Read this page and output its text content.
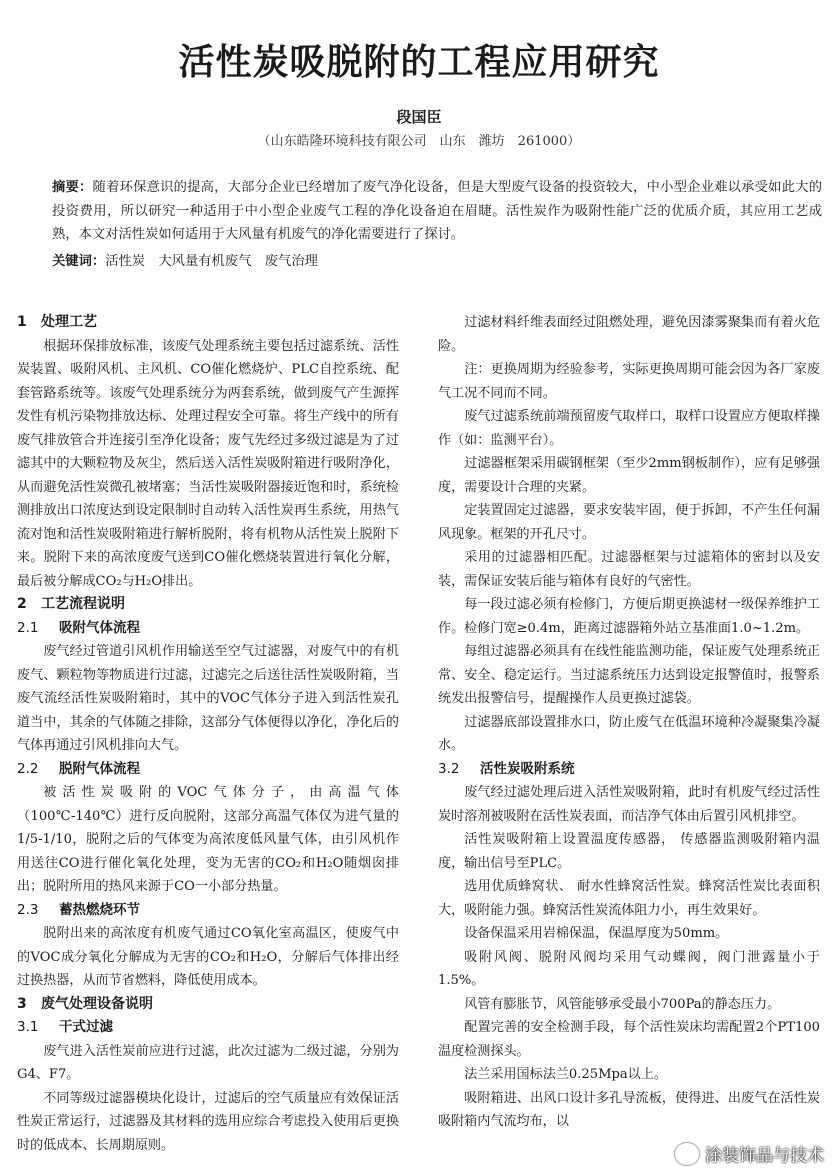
活性炭吸脱附的工程应用研究
段国臣
（山东皓隆环境科技有限公司　山东　潍坊　261000）

摘要：随着环保意识的提高，大部分企业已经增加了废气净化设备，但是大型废气设备的投资较大，中小型企业难以承受如此大的投资费用，所以研究一种适用于中小型企业废气工程的净化设备迫在眉睫。活性炭作为吸附性能广泛的优质介质，其应用工艺成熟，本文对活性炭如何适用于大风量有机废气的净化需要进行了探讨。

关键词：活性炭　大风量有机废气　废气治理

1 处理工艺

根据环保排放标准，该废气处理系统主要包括过滤系统、活性炭装置、吸附风机、主风机、CO催化燃烧炉、PLC自控系统、配套管路系统等。该废气处理系统分为两套系统，做到废气产生源挥发性有机污染物排放达标、处理过程安全可靠。将生产线中的所有废气排放管合并连接引至净化设备；废气先经过多级过滤是为了过滤其中的大颗粒物及灰尘，然后送入活性炭吸附箱进行吸附净化，从而避免活性炭微孔被堵塞；当活性炭吸附器接近饱和时，系统检测排放出口浓度达到设定限制时自动转入活性炭再生系统，用热气流对饱和活性炭吸附箱进行解析脱附，将有机物从活性炭上脱附下来。脱附下来的高浓度废气送到CO催化燃烧装置进行氧化分解，最后被分解成CO₂与H₂O排出。

2 工艺流程说明
2.1 吸附气体流程

废气经过管道引风机作用输送至空气过滤器，对废气中的有机废气、颗粒物等物质进行过滤，过滤完之后送往活性炭吸附箱，当废气流经活性炭吸附箱时，其中的VOC气体分子进入到活性炭孔道当中，其余的气体随之排除，这部分气体便得以净化，净化后的气体再通过引风机排向大气。

2.2 脱附气体流程

被活性炭吸附的VOC气体分子，由高温气体（100℃-140℃）进行反向脱附，这部分高温气体仅为进气量的1/5-1/10，脱附之后的气体变为高浓度低风量气体，由引风机作用送往CO进行催化氧化处理，变为无害的CO₂和H₂O随烟囱排出；脱附所用的热风来源于CO一小部分热量。

2.3 蓄热燃烧环节

脱附出来的高浓度有机废气通过CO氧化室高温区，使废气中的VOC成分氧化分解成为无害的CO₂和H₂O，分解后气体排出经过换热器，从而节省燃料，降低使用成本。

3 废气处理设备说明
3.1 干式过滤

废气进入活性炭前应进行过滤，此次过滤为二级过滤，分别为G4、F7。

不同等级过滤器模块化设计，过滤后的空气质量应有效保证活性炭正常运行，过滤器及其材料的选用应综合考虑投入使用后更换时的低成本、长周期原则。

过滤材料纤维表面经过阻燃处理，避免因漆雾聚集而有着火危险。

注：更换周期为经验参考，实际更换周期可能会因为各厂家废气工况不同而不同。

废气过滤系统前端预留废气取样口，取样口设置应方便取样操作（如：监测平台）。

过滤器框架采用碳钢框架（至少2mm钢板制作），应有足够强度，需要设计合理的夹紧。

定装置固定过滤器，要求安装牢固，便于拆卸，不产生任何漏风现象。框架的开孔尺寸。

采用的过滤器相匹配。过滤器框架与过滤箱体的密封以及安装，需保证安装后能与箱体有良好的气密性。

每一段过滤必须有检修门，方便后期更换滤材一级保养维护工作。检修门宽≥0.4m，距离过滤器箱外站立基准面1.0~1.2m。

每组过滤器必须具有在线性能监测功能，保证废气处理系统正常、安全、稳定运行。当过滤系统压力达到设定报警值时，报警系统发出报警信号，提醒操作人员更换过滤袋。

过滤器底部设置排水口，防止废气在低温环境种冷凝聚集冷凝水。

3.2 活性炭吸附系统

废气经过滤处理后进入活性炭吸附箱，此时有机废气经过活性炭时溶剂被吸附在活性炭表面，而洁净气体由后置引风机排空。

活性炭吸附箱上设置温度传感器， 传感器监测吸附箱内温度，输出信号至PLC。

选用优质蜂窝状、 耐水性蜂窝活性炭。蜂窝活性炭比表面积大，吸附能力强。蜂窝活性炭流体阻力小，再生效果好。

设备保温采用岩棉保温，保温厚度为50mm。

吸附风阀、脱附风阀均采用气动蝶阀，阀门泄露量小于1.5%。

风管有膨胀节，风管能够承受最小700Pa的静态压力。

配置完善的安全检测手段，每个活性炭床均需配置2个PT100温度检测探头。

法兰采用国标法兰0.25Mpa以上。

吸附箱进、出风口设计多孔导流板，使得进、出废气在活性炭吸附箱内气流均布，以

涂装饰品与技术
